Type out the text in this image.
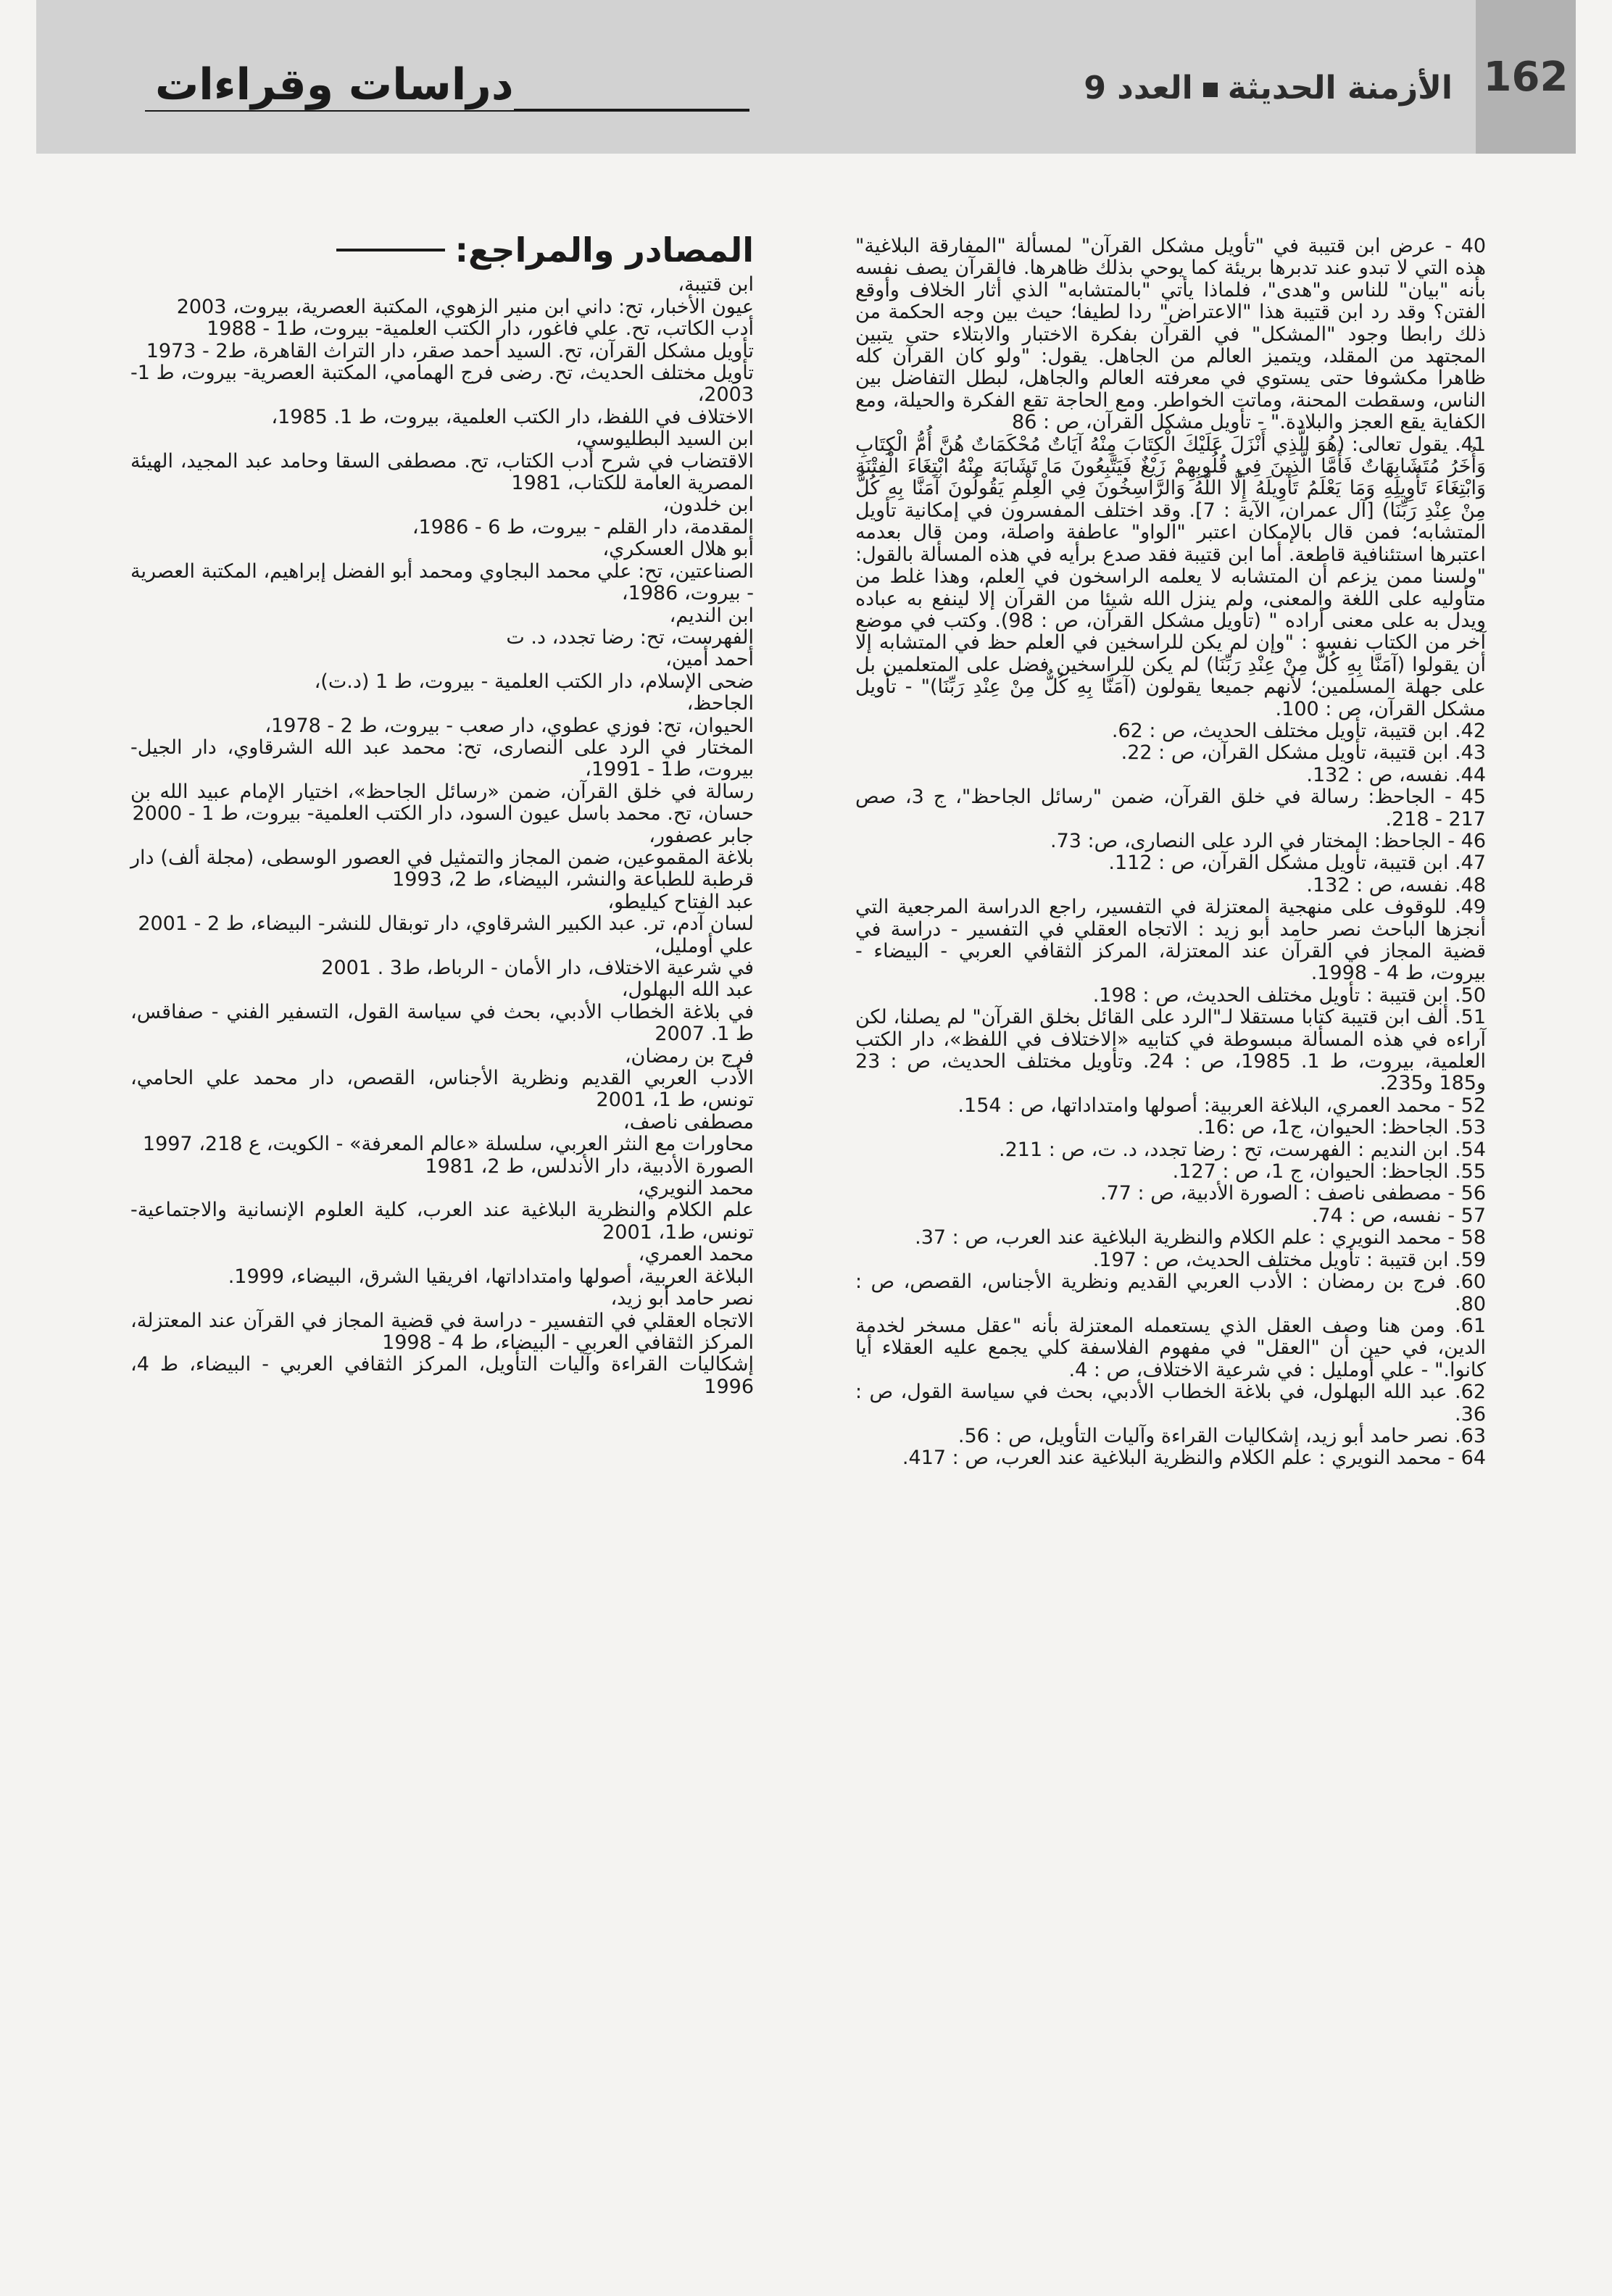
162
الأزمنة الحديثةالعدد 9
دراسات وقراءات

40 - عرض ابن قتيبة في "تأويل مشكل القرآن" لمسألة "المفارقة البلاغية" هذه التي لا تبدو عند تدبرها بريئة كما يوحي بذلك ظاهرها. فالقرآن يصف نفسه بأنه "بيان" للناس و"هدى"، فلماذا يأتي "بالمتشابه" الذي أثار الخلاف وأوقع الفتن؟ وقد رد ابن قتيبة هذا "الاعتراض" ردا لطيفا؛ حيث بين وجه الحكمة من ذلك رابطا وجود "المشكل" في القرآن بفكرة الاختبار والابتلاء حتى يتبين المجتهد من المقلد، ويتميز العالم من الجاهل. يقول: "ولو كان القرآن كله ظاهرا مكشوفا حتى يستوي في معرفته العالم والجاهل، لبطل التفاضل بين الناس، وسقطت المحنة، وماتت الخواطر. ومع الحاجة تقع الفكرة والحيلة، ومع الكفاية يقع العجز والبلادة." - تأويل مشكل القرآن، ص : 86

41. يقول تعالى: (هُوَ الَّذِي أَنْزَلَ عَلَيْكَ الْكِتَابَ مِنْهُ آيَاتٌ مُحْكَمَاتٌ هُنَّ أُمُّ الْكِتَابِ وَأُخَرُ مُتَشَابِهَاتٌ فَأَمَّا الَّذِينَ فِي قُلُوبِهِمْ زَيْغٌ فَيَتَّبِعُونَ مَا تَشَابَهَ مِنْهُ ابْتِغَاءَ الْفِتْنَةِ وَابْتِغَاءَ تَأْوِيلِهِ وَمَا يَعْلَمُ تَأْوِيلَهُ إِلَّا اللَّهُ وَالرَّاسِخُونَ فِي الْعِلْمِ يَقُولُونَ آمَنَّا بِهِ كُلٌّ مِنْ عِنْدِ رَبِّنَا) [آل عمران، الآية : 7]. وقد اختلف المفسرون في إمكانية تأويل المتشابه؛ فمن قال بالإمكان اعتبر "الواو" عاطفة واصلة، ومن قال بعدمه اعتبرها استئنافية قاطعة. أما ابن قتيبة فقد صدع برأيه في هذه المسألة بالقول: "ولسنا ممن يزعم أن المتشابه لا يعلمه الراسخون في العلم، وهذا غلط من متأوليه على اللغة والمعنى، ولم ينزل الله شيئا من القرآن إلا لينفع به عباده ويدل به على معنى أراده " (تأويل مشكل القرآن، ص : 98). وكتب في موضع آخر من الكتاب نفسه : "وإن لم يكن للراسخين في العلم حظ في المتشابه إلا أن يقولوا (آمَنَّا بِهِ كُلٌّ مِنْ عِنْدِ رَبِّنَا) لم يكن للراسخين فضل على المتعلمين بل على جهلة المسلمين؛ لأنهم جميعا يقولون (آمَنَّا بِهِ كُلٌّ مِنْ عِنْدِ رَبِّنَا)" - تأويل مشكل القرآن، ص : 100.

42. ابن قتيبة، تأويل مختلف الحديث، ص : 62.

43. ابن قتيبة، تأويل مشكل القرآن، ص : 22.

44. نفسه، ص : 132.

45 - الجاحظ: رسالة في خلق القرآن، ضمن "رسائل الجاحظ"، ج 3، صص 217 - 218.

46 - الجاحظ: المختار في الرد على النصارى، ص: 73.

47. ابن قتيبة، تأويل مشكل القرآن، ص : 112.

48. نفسه، ص : 132.

49. للوقوف على منهجية المعتزلة في التفسير، راجع الدراسة المرجعية التي أنجزها الباحث نصر حامد أبو زيد : الاتجاه العقلي في التفسير - دراسة في قضية المجاز في القرآن عند المعتزلة، المركز الثقافي العربي - البيضاء - بيروت، ط 4 - 1998.

50. ابن قتيبة : تأويل مختلف الحديث، ص : 198.

51. ألف ابن قتيبة كتابا مستقلا لـ"الرد على القائل بخلق القرآن" لم يصلنا، لكن آراءه في هذه المسألة مبسوطة في كتابيه «الاختلاف في اللفظ»، دار الكتب العلمية، بيروت، ط 1. 1985، ص : 24. وتأويل مختلف الحديث، ص : 23 و185 و235.

52 - محمد العمري، البلاغة العربية: أصولها وامتداداتها، ص : 154.

53. الجاحظ: الحيوان، ج1، ص :16.

54. ابن النديم : الفهرست، تح : رضا تجدد، د. ت، ص : 211.

55. الجاحظ: الحيوان، ج 1، ص : 127.

56 - مصطفى ناصف : الصورة الأدبية، ص : 77.

57 - نفسه، ص : 74.

58 - محمد النويري : علم الكلام والنظرية البلاغية عند العرب، ص : 37.

59. ابن قتيبة : تأويل مختلف الحديث، ص : 197.

60. فرج بن رمضان : الأدب العربي القديم ونظرية الأجناس، القصص، ص : 80.

61. ومن هنا وصف العقل الذي يستعمله المعتزلة بأنه "عقل مسخر لخدمة الدين، في حين أن "العقل" في مفهوم الفلاسفة كلي يجمع عليه العقلاء أيا كانوا." - علي أومليل : في شرعية الاختلاف، ص : 4.

62. عبد الله البهلول، في بلاغة الخطاب الأدبي، بحث في سياسة القول، ص : 36.

63. نصر حامد أبو زيد، إشكاليات القراءة وآليات التأويل، ص : 56.

64 - محمد النويري : علم الكلام والنظرية البلاغية عند العرب، ص : 417.

المصادر والمراجع:

ابن قتيبة،

عيون الأخبار، تح: داني ابن منير الزهوي، المكتبة العصرية، بيروت، 2003

أدب الكاتب، تح. علي فاغور، دار الكتب العلمية- بيروت، ط1 - 1988

تأويل مشكل القرآن، تح. السيد أحمد صقر، دار التراث القاهرة، ط2 - 1973

تأويل مختلف الحديث، تح. رضى فرج الهمامي، المكتبة العصرية- بيروت، ط 1- 2003،

الاختلاف في اللفظ، دار الكتب العلمية، بيروت، ط 1. 1985،

ابن السيد البطليوسي،

الاقتضاب في شرح أدب الكتاب، تح. مصطفى السقا وحامد عبد المجيد، الهيئة المصرية العامة للكتاب، 1981

ابن خلدون،

المقدمة، دار القلم - بيروت، ط 6 - 1986،

أبو هلال العسكري،

الصناعتين، تح: علي محمد البجاوي ومحمد أبو الفضل إبراهيم، المكتبة العصرية - بيروت، 1986،

ابن النديم،

الفهرست، تح: رضا تجدد، د. ت

أحمد أمين،

ضحى الإسلام، دار الكتب العلمية - بيروت، ط 1 (د.ت)،

الجاحظ،

الحيوان، تح: فوزي عطوي، دار صعب - بيروت، ط 2 - 1978،

المختار في الرد على النصارى، تح: محمد عبد الله الشرقاوي، دار الجيل- بيروت، ط1 - 1991،

رسالة في خلق القرآن، ضمن «رسائل الجاحظ»، اختيار الإمام عبيد الله بن حسان، تح. محمد باسل عيون السود، دار الكتب العلمية- بيروت، ط 1 - 2000

جابر عصفور،

بلاغة المقموعين، ضمن المجاز والتمثيل في العصور الوسطى، (مجلة ألف) دار قرطبة للطباعة والنشر، البيضاء، ط 2، 1993

عبد الفتاح كيليطو،

لسان آدم، تر. عبد الكبير الشرقاوي، دار توبقال للنشر- البيضاء، ط 2 - 2001

علي أومليل،

في شرعية الاختلاف، دار الأمان - الرباط، ط3 . 2001

عبد الله البهلول،

في بلاغة الخطاب الأدبي، بحث في سياسة القول، التسفير الفني - صفاقس، ط 1. 2007

فرج بن رمضان،

الأدب العربي القديم ونظرية الأجناس، القصص، دار محمد علي الحامي، تونس، ط 1، 2001

مصطفى ناصف،

محاورات مع النثر العربي، سلسلة «عالم المعرفة» - الكويت، ع 218، 1997

الصورة الأدبية، دار الأندلس، ط 2، 1981

محمد النويري،

علم الكلام والنظرية البلاغية عند العرب، كلية العلوم الإنسانية والاجتماعية- تونس، ط1، 2001

محمد العمري،

البلاغة العربية، أصولها وامتداداتها، افريقيا الشرق، البيضاء، 1999.

نصر حامد أبو زيد،

الاتجاه العقلي في التفسير - دراسة في قضية المجاز في القرآن عند المعتزلة، المركز الثقافي العربي - البيضاء، ط 4 - 1998

إشكاليات القراءة وآليات التأويل، المركز الثقافي العربي - البيضاء، ط 4، 1996
